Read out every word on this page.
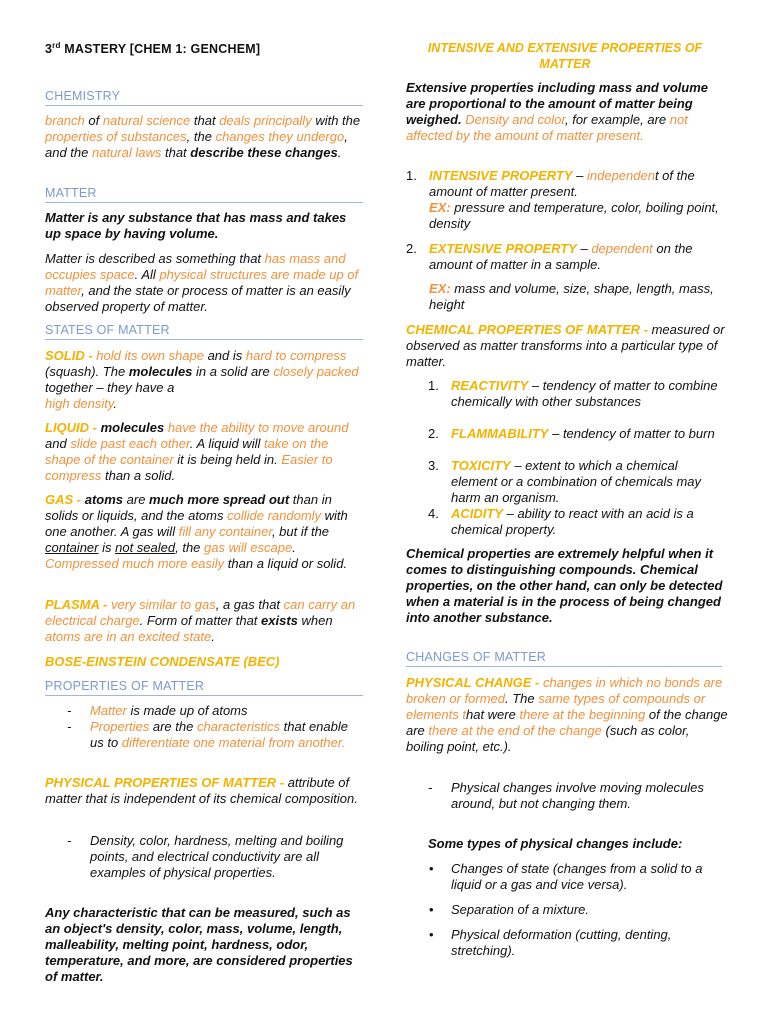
3rd MASTERY [CHEM 1: GENCHEM]
CHEMISTRY
branch of natural science that deals principally with the properties of substances, the changes they undergo, and the natural laws that describe these changes.
MATTER
Matter is any substance that has mass and takes up space by having volume.
Matter is described as something that has mass and occupies space. All physical structures are made up of matter, and the state or process of matter is an easily observed property of matter.
STATES OF MATTER
SOLID - hold its own shape and is hard to compress (squash). The molecules in a solid are closely packed together – they have a
high density.
LIQUID - molecules have the ability to move around and slide past each other. A liquid will take on the shape of the container it is being held in. Easier to compress than a solid.
GAS - atoms are much more spread out than in solids or liquids, and the atoms collide randomly with one another. A gas will fill any container, but if the container is not sealed, the gas will escape. Compressed much more easily than a liquid or solid.
PLASMA - very similar to gas, a gas that can carry an electrical charge. Form of matter that exists when atoms are in an excited state.
BOSE-EINSTEIN CONDENSATE (BEC)
PROPERTIES OF MATTER
- Matter is made up of atoms
- Properties are the characteristics that enable us to differentiate one material from another.
PHYSICAL PROPERTIES OF MATTER - attribute of matter that is independent of its chemical composition.
- Density, color, hardness, melting and boiling points, and electrical conductivity are all examples of physical properties.
Any characteristic that can be measured, such as an object's density, color, mass, volume, length, malleability, melting point, hardness, odor, temperature, and more, are considered properties of matter.
INTENSIVE AND EXTENSIVE PROPERTIES OF MATTER
Extensive properties including mass and volume are proportional to the amount of matter being weighed. Density and color, for example, are not affected by the amount of matter present.
1. INTENSIVE PROPERTY – independent of the amount of matter present.
EX: pressure and temperature, color, boiling point, density
2. EXTENSIVE PROPERTY – dependent on the amount of matter in a sample.
EX: mass and volume, size, shape, length, mass, height
CHEMICAL PROPERTIES OF MATTER - measured or observed as matter transforms into a particular type of matter.
1. REACTIVITY – tendency of matter to combine chemically with other substances
2. FLAMMABILITY – tendency of matter to burn
3. TOXICITY – extent to which a chemical element or a combination of chemicals may harm an organism.
4. ACIDITY – ability to react with an acid is a chemical property.
Chemical properties are extremely helpful when it comes to distinguishing compounds. Chemical properties, on the other hand, can only be detected when a material is in the process of being changed into another substance.
CHANGES OF MATTER
PHYSICAL CHANGE - changes in which no bonds are broken or formed. The same types of compounds or elements that were there at the beginning of the change are there at the end of the change (such as color, boiling point, etc.).
- Physical changes involve moving molecules around, but not changing them.
Some types of physical changes include:
• Changes of state (changes from a solid to a liquid or a gas and vice versa).
• Separation of a mixture.
• Physical deformation (cutting, denting, stretching).
